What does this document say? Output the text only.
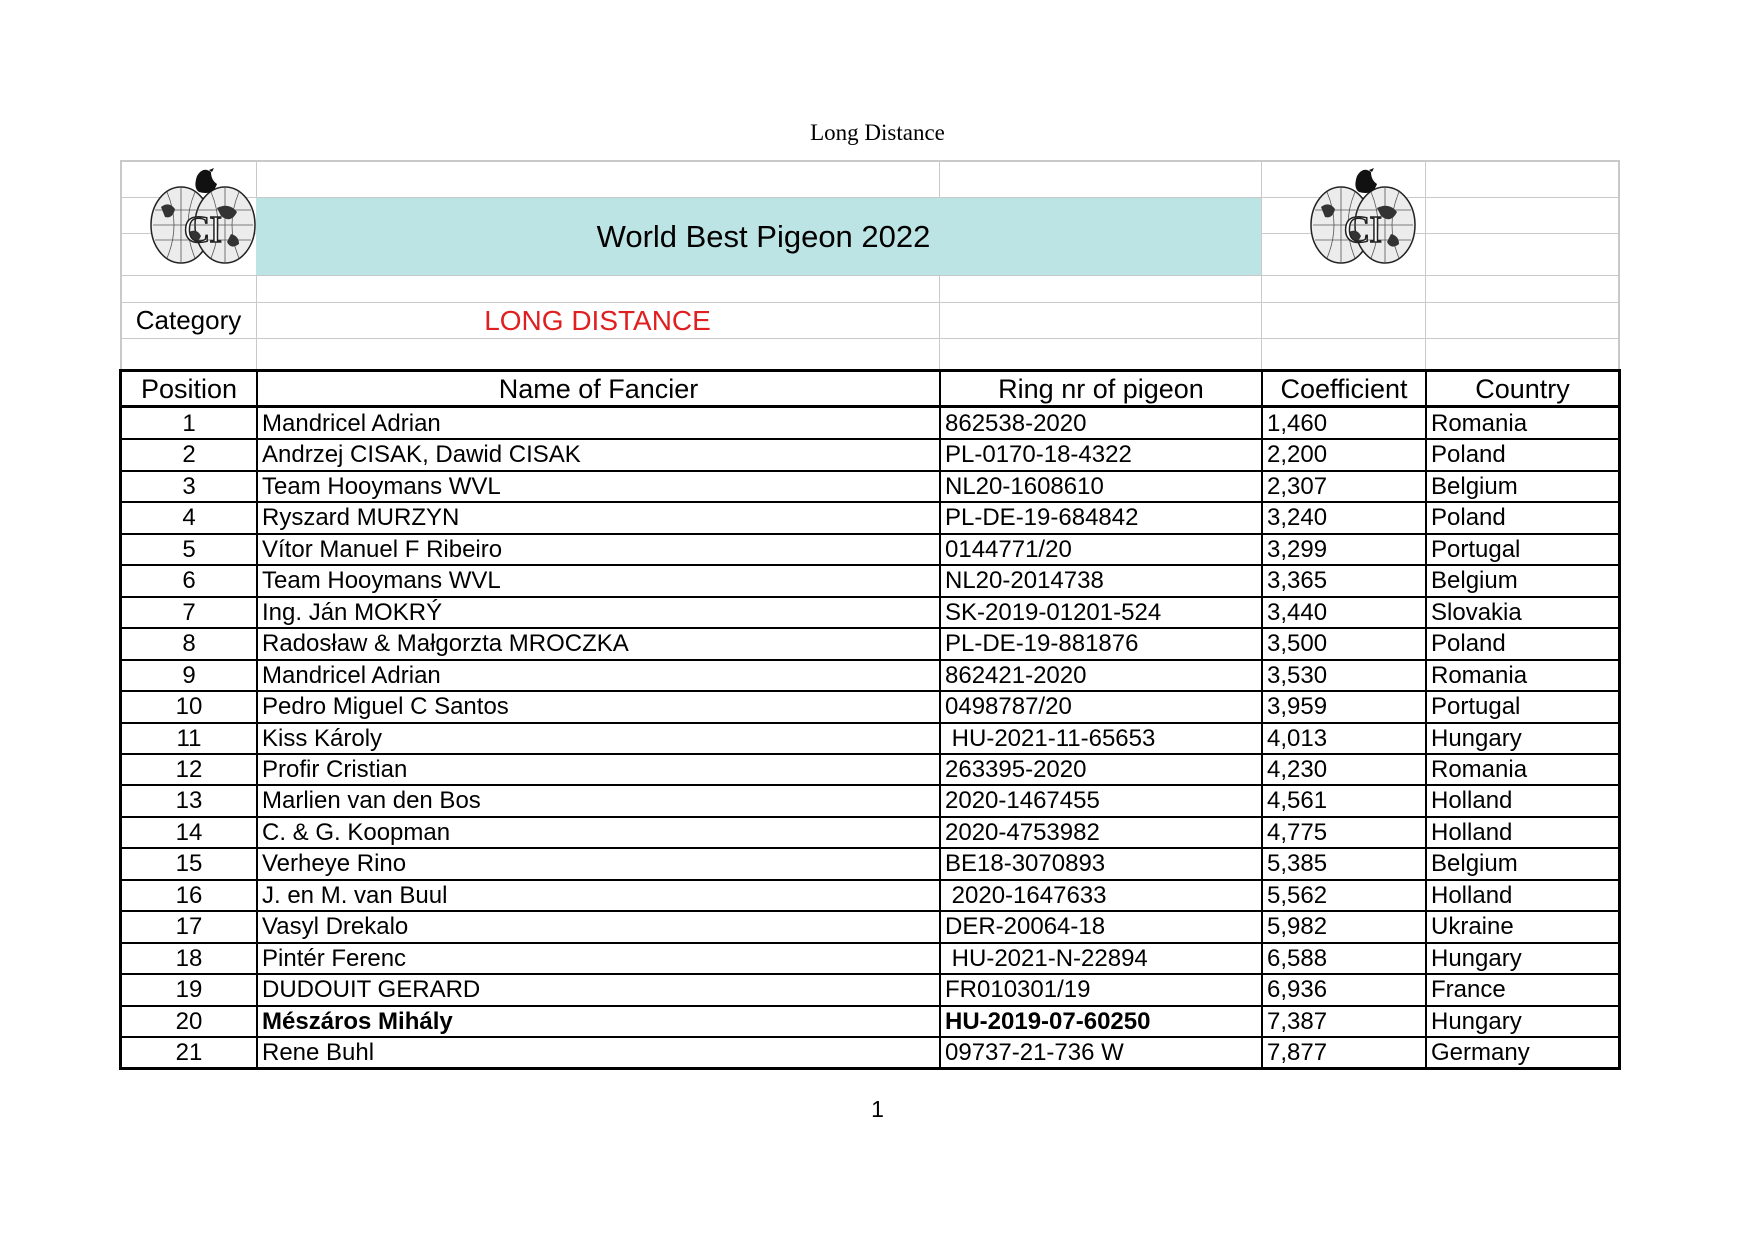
Long Distance
CI	CI
World Best Pigeon 2022
Category	LONG DISTANCE
Position	Name of Fancier	Ring nr of pigeon	Coefficient	Country
1	Mandricel Adrian	862538-2020	1,460	Romania
2	Andrzej CISAK, Dawid CISAK	PL-0170-18-4322	2,200	Poland
3	Team Hooymans WVL	NL20-1608610	2,307	Belgium
4	Ryszard MURZYN	PL-DE-19-684842	3,240	Poland
5	Vítor Manuel F Ribeiro	0144771/20	3,299	Portugal
6	Team Hooymans WVL	NL20-2014738	3,365	Belgium
7	Ing. Ján MOKRÝ	SK-2019-01201-524	3,440	Slovakia
8	Radosław & Małgorzta MROCZKA	PL-DE-19-881876	3,500	Poland
9	Mandricel Adrian	862421-2020	3,530	Romania
10	Pedro Miguel C Santos	0498787/20	3,959	Portugal
11	Kiss Károly	HU-2021-11-65653	4,013	Hungary
12	Profir Cristian	263395-2020	4,230	Romania
13	Marlien van den Bos	2020-1467455	4,561	Holland
14	C. & G. Koopman	2020-4753982	4,775	Holland
15	Verheye Rino	BE18-3070893	5,385	Belgium
16	J. en M. van Buul	2020-1647633	5,562	Holland
17	Vasyl Drekalo	DER-20064-18	5,982	Ukraine
18	Pintér Ferenc	HU-2021-N-22894	6,588	Hungary
19	DUDOUIT GERARD	FR010301/19	6,936	France
20	Mészáros Mihály	HU-2019-07-60250	7,387	Hungary
21	Rene Buhl	09737-21-736 W	7,877	Germany
1
